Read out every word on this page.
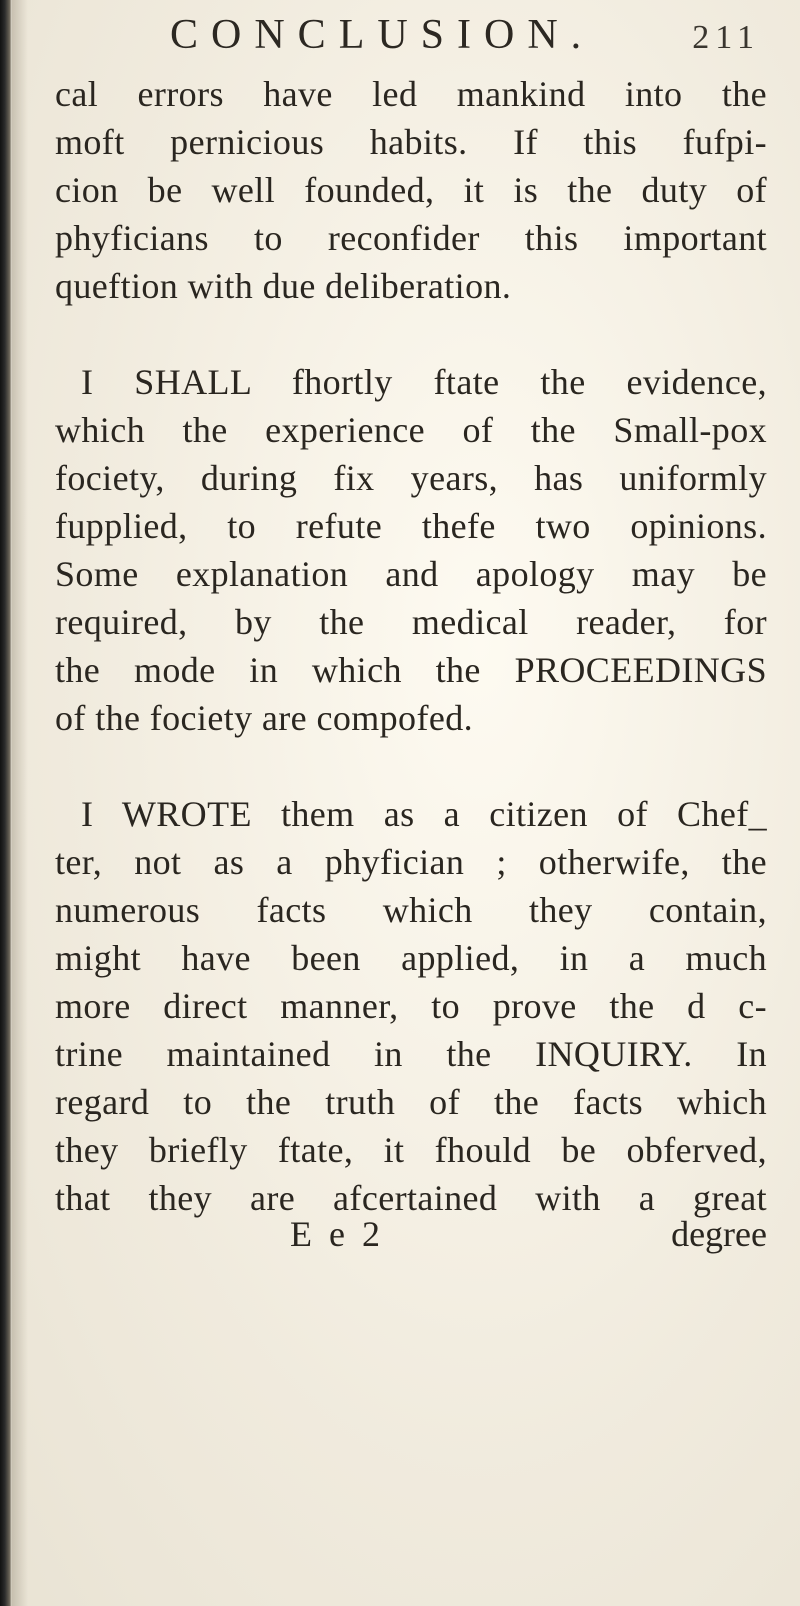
CONCLUSION.	211
cal errors have led mankind into the
moft pernicious habits. If this fufpi-
cion be well founded, it is the duty of
phyficians to reconfider this important
queftion with due deliberation.
I SHALL fhortly ftate the evidence,
which the experience of the Small-pox
fociety, during fix years, has uniformly
fupplied, to refute thefe two opinions.
Some explanation and apology may be
required, by the medical reader, for
the mode in which the PROCEEDINGS
of the fociety are compofed.
I WROTE them as a citizen of Chef_
ter, not as a phyfician ; otherwife, the
numerous facts which they contain,
might have been applied, in a much
more direct manner, to prove the d c-
trine maintained in the INQUIRY. In
regard to the truth of the facts which
they briefly ftate, it fhould be obferved,
that they are afcertained with a great
E e 2	degree
